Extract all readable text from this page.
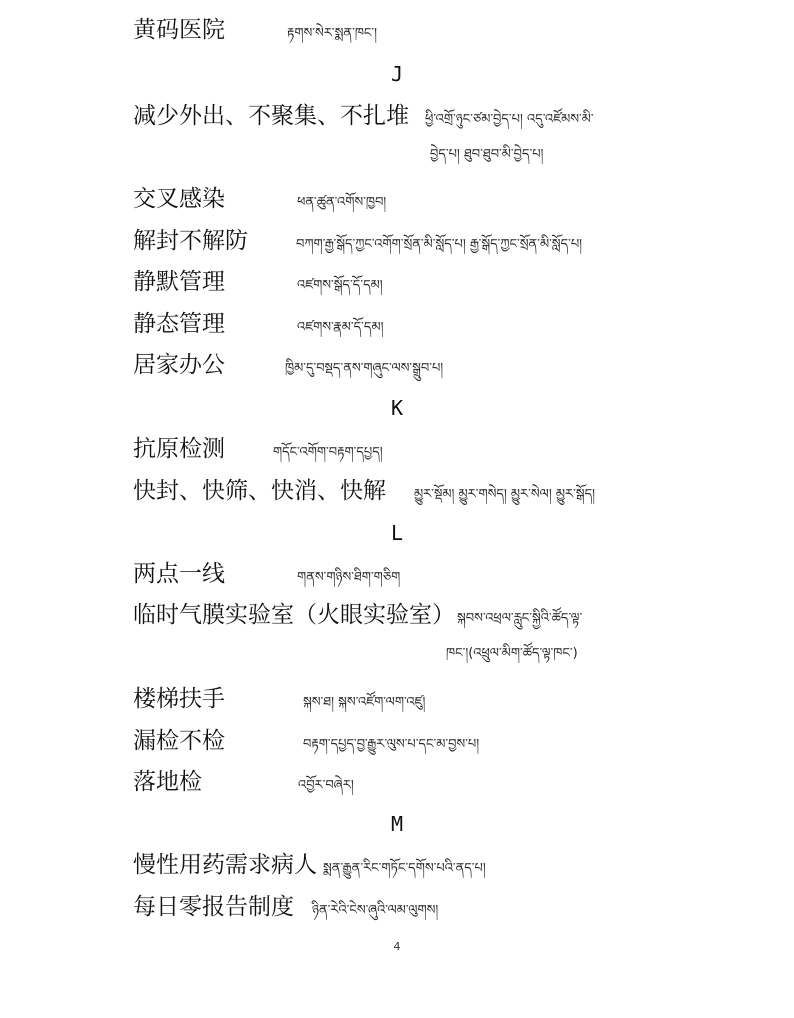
黄码医院	རྟགས་སེར་སྨན་ཁང་།
J
减少外出、不聚集、不扎堆 ཕྱི་འགྲོ་ཉུང་ཙམ་བྱེད་པ། འདུ་འཛོམས་མི་
བྱེད་པ། ཐུབ་ཐུབ་མི་བྱེད་པ།
交叉感染	ཕན་ཚུན་འགོས་ཁྱབ།
解封不解防	བཀག་རྒྱ་སྒོད་ཀྱང་འགོག་སྲོན་མི་སློད་པ། རྒྱ་སྒོད་ཀྱང་སྲོན་མི་སློད་པ།
静默管理	འཛགས་སྒོད་དོ་དམ།
静态管理	འཛགས་རྣམ་དོ་དམ།
居家办公	ཁྱིམ་དུ་བསྡད་ནས་གཞུང་ལས་སྒྲུབ་པ།
K
抗原检测	གདོང་འགོག་བརྟག་དཔྱད།
快封、快筛、快消、快解 མྱུར་སྡོམ། མྱུར་གསེད། མྱུར་སེལ། མྱུར་སྒོད།
L
两点一线	གནས་གཉིས་ཐིག་གཅིག
临时气膜实验室（火眼实验室） སྐབས་འཕྲལ་རླུང་སྐྱིའི་ཚོད་ལྟ་
ཁང་།(འཕྲུལ་མིག་ཚོད་ལྟ་ཁང་)
楼梯扶手	སྐས་ཐ། སྐས་འཛོག་ལག་འཛུ།
漏检不检	བརྟག་དཔྱད་བྱ་རྒྱུར་ལུས་པ་དང་མ་བྱས་པ།
落地检	འབྱོར་བཞེར།
M
慢性用药需求病人 སྨན་རྒྱུན་རིང་གཏོང་དགོས་པའི་ནད་པ།
每日零报告制度 ཉིན་རེའི་ངེས་ཞུའི་ལམ་ལུགས།
4
